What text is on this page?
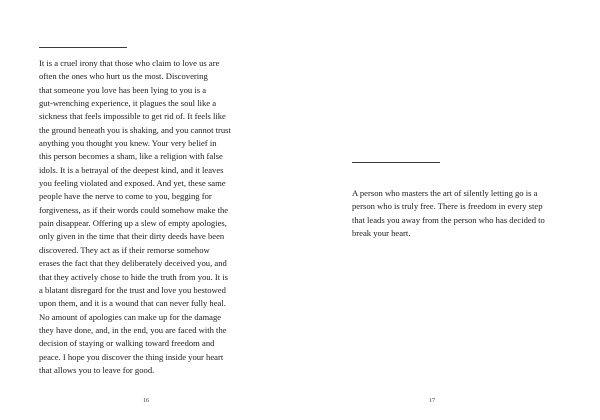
It is a cruel irony that those who claim to love us are
often the ones who hurt us the most. Discovering
that someone you love has been lying to you is a
gut-wrenching experience, it plagues the soul like a
sickness that feels impossible to get rid of. It feels like
the ground beneath you is shaking, and you cannot trust
anything you thought you knew. Your very belief in
this person becomes a sham, like a religion with false
idols. It is a betrayal of the deepest kind, and it leaves
you feeling violated and exposed. And yet, these same
people have the nerve to come to you, begging for
forgiveness, as if their words could somehow make the
pain disappear. Offering up a slew of empty apologies,
only given in the time that their dirty deeds have been
discovered. They act as if their remorse somehow
erases the fact that they deliberately deceived you, and
that they actively chose to hide the truth from you. It is
a blatant disregard for the trust and love you bestowed
upon them, and it is a wound that can never fully heal.
No amount of apologies can make up for the damage
they have done, and, in the end, you are faced with the
decision of staying or walking toward freedom and
peace. I hope you discover the thing inside your heart
that allows you to leave for good.

16

A person who masters the art of silently letting go is a
person who is truly free. There is freedom in every step
that leads you away from the person who has decided to
break your heart.

17
